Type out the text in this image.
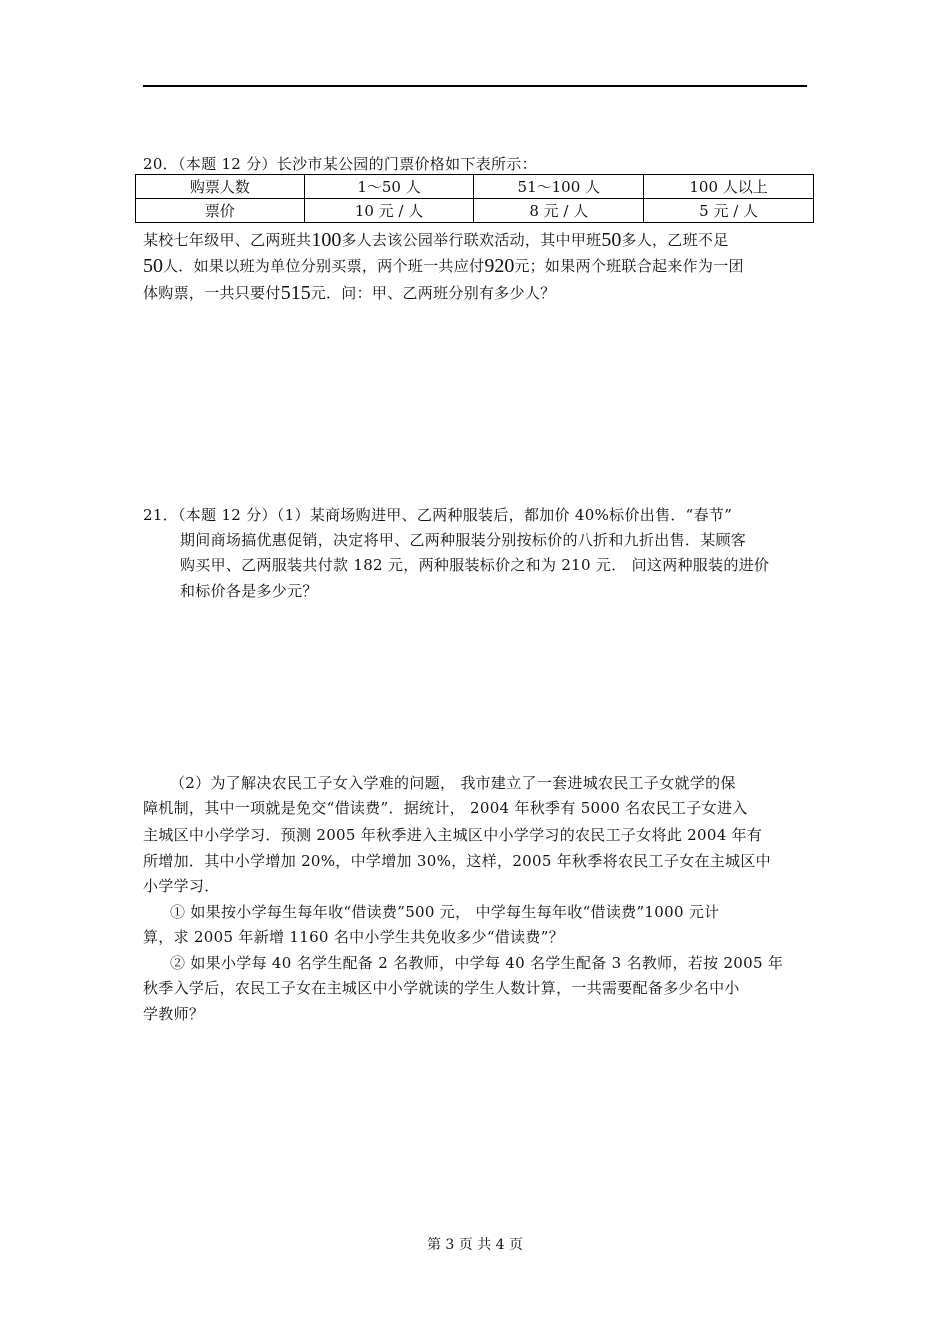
20．（本题 12 分）长沙市某公园的门票价格如下表所示：
购票人数	1～50 人	51～100 人	100 人以上
票价	10 元 / 人	8 元 / 人	5 元 / 人
某校七年级甲、乙两班共100多人去该公园举行联欢活动，其中甲班50多人，乙班不足
50人．如果以班为单位分别买票，两个班一共应付920元；如果两个班联合起来作为一团
体购票，一共只要付515元．问：甲、乙两班分别有多少人？
21．（本题 12 分）（1）某商场购进甲、乙两种服装后，都加价 40%标价出售．“春节”
期间商场搞优惠促销，决定将甲、乙两种服装分别按标价的八折和九折出售．某顾客
购买甲、乙两服装共付款 182 元，两种服装标价之和为 210 元． 问这两种服装的进价
和标价各是多少元？
（2）为了解决农民工子女入学难的问题， 我市建立了一套进城农民工子女就学的保
障机制，其中一项就是免交“借读费”．据统计， 2004 年秋季有 5000 名农民工子女进入
主城区中小学学习．预测 2005 年秋季进入主城区中小学学习的农民工子女将此 2004 年有
所增加．其中小学增加 20%，中学增加 30%，这样，2005 年秋季将农民工子女在主城区中
小学学习．
① 如果按小学每生每年收“借读费”500 元， 中学每生每年收“借读费”1000 元计
算，求 2005 年新增 1160 名中小学生共免收多少“借读费”？
② 如果小学每 40 名学生配备 2 名教师，中学每 40 名学生配备 3 名教师，若按 2005 年
秋季入学后，农民工子女在主城区中小学就读的学生人数计算，一共需要配备多少名中小
学教师？
第 3 页 共 4 页
